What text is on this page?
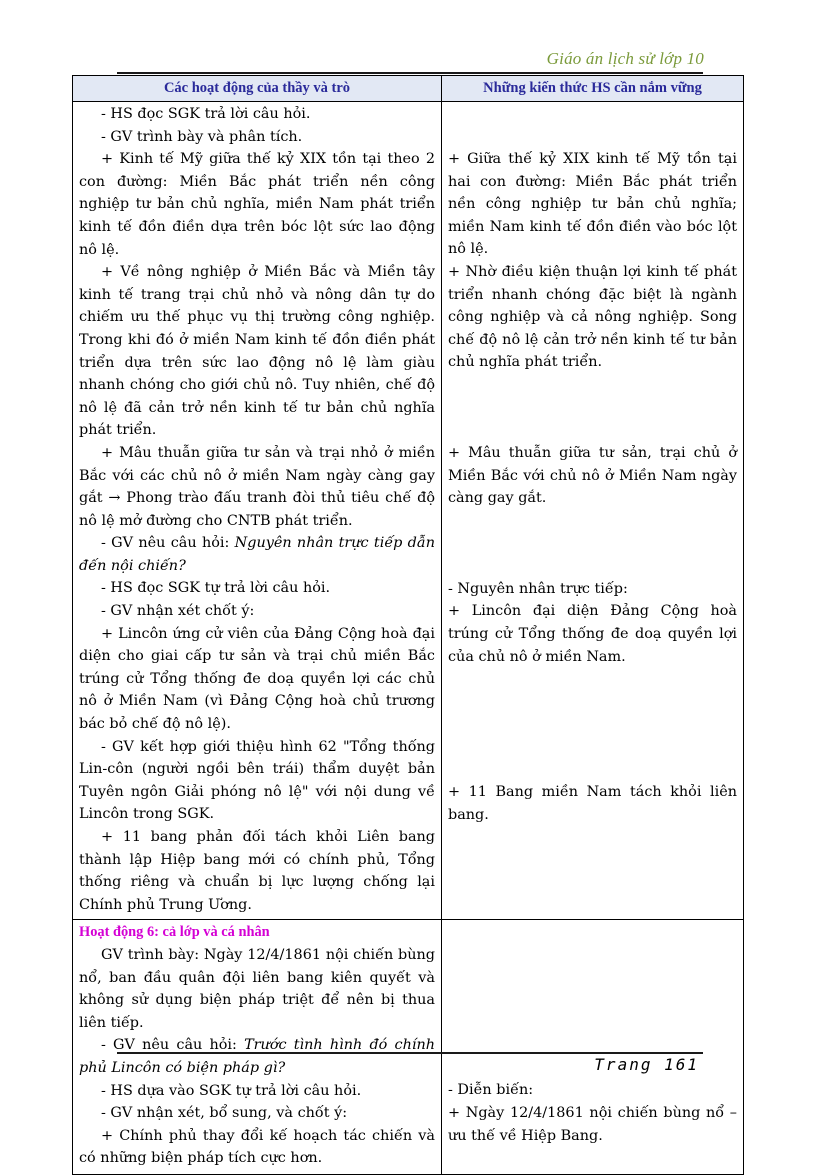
Giáo án lịch sử lớp 10
Các hoạt động của thầy và trò	Những kiến thức HS cần nắm vững

- HS đọc SGK trả lời câu hỏi.

- GV trình bày và phân tích.

+ Kinh tế Mỹ giữa thế kỷ XIX tồn tại theo 2 con đường: Miền Bắc phát triển nền công nghiệp tư bản chủ nghĩa, miền Nam phát triển kinh tế đồn điền dựa trên bóc lột sức lao động nô lệ.

+ Về nông nghiệp ở Miền Bắc và Miền tây kinh tế trang trại chủ nhỏ và nông dân tự do chiếm ưu thế phục vụ thị trường công nghiệp. Trong khi đó ở miền Nam kinh tế đồn điền phát triển dựa trên sức lao động nô lệ làm giàu nhanh chóng cho giới chủ nô. Tuy nhiên, chế độ nô lệ đã cản trở nền kinh tế tư bản chủ nghĩa phát triển.

+ Mâu thuẫn giữa tư sản và trại nhỏ ở miền Bắc với các chủ nô ở miền Nam ngày càng gay gắt → Phong trào đấu tranh đòi thủ tiêu chế độ nô lệ mở đường cho CNTB phát triển.

- GV nêu câu hỏi: Nguyên nhân trực tiếp dẫn đến nội chiến?

- HS đọc SGK tự trả lời câu hỏi.

- GV nhận xét chốt ý:

+ Lincôn ứng cử viên của Đảng Cộng hoà đại diện cho giai cấp tư sản và trại chủ miền Bắc trúng cử Tổng thống đe doạ quyền lợi các chủ nô ở Miền Nam (vì Đảng Cộng hoà chủ trương bác bỏ chế độ nô lệ).

- GV kết hợp giới thiệu hình 62 "Tổng thống Lin-côn (người ngồi bên trái) thẩm duyệt bản Tuyên ngôn Giải phóng nô lệ" với nội dung về Lincôn trong SGK.

+ 11 bang phản đối tách khỏi Liên bang thành lập Hiệp bang mới có chính phủ, Tổng thống riêng và chuẩn bị lực lượng chống lại Chính phủ Trung Ương.

+ Giữa thế kỷ XIX kinh tế Mỹ tồn tại hai con đường: Miền Bắc phát triển nền công nghiệp tư bản chủ nghĩa; miền Nam kinh tế đồn điền vào bóc lột nô lệ.

+ Nhờ điều kiện thuận lợi kinh tế phát triển nhanh chóng đặc biệt là ngành công nghiệp và cả nông nghiệp. Song chế độ nô lệ cản trở nền kinh tế tư bản chủ nghĩa phát triển.

+ Mâu thuẫn giữa tư sản, trại chủ ở Miền Bắc với chủ nô ở Miền Nam ngày càng gay gắt.

- Nguyên nhân trực tiếp:

+ Lincôn đại diện Đảng Cộng hoà trúng cử Tổng thống đe doạ quyền lợi của chủ nô ở miền Nam.

+ 11 Bang miền Nam tách khỏi liên bang.

Hoạt động 6: cả lớp và cá nhân

GV trình bày: Ngày 12/4/1861 nội chiến bùng nổ, ban đầu quân đội liên bang kiên quyết và không sử dụng biện pháp triệt để nên bị thua liên tiếp.

- GV nêu câu hỏi: Trước tình hình đó chính phủ Lincôn có biện pháp gì?

- HS dựa vào SGK tự trả lời câu hỏi.

- GV nhận xét, bổ sung, và chốt ý:

+ Chính phủ thay đổi kế hoạch tác chiến và có những biện pháp tích cực hơn.

- Diễn biến:

+ Ngày 12/4/1861 nội chiến bùng nổ – ưu thế về Hiệp Bang.

Trang 161
